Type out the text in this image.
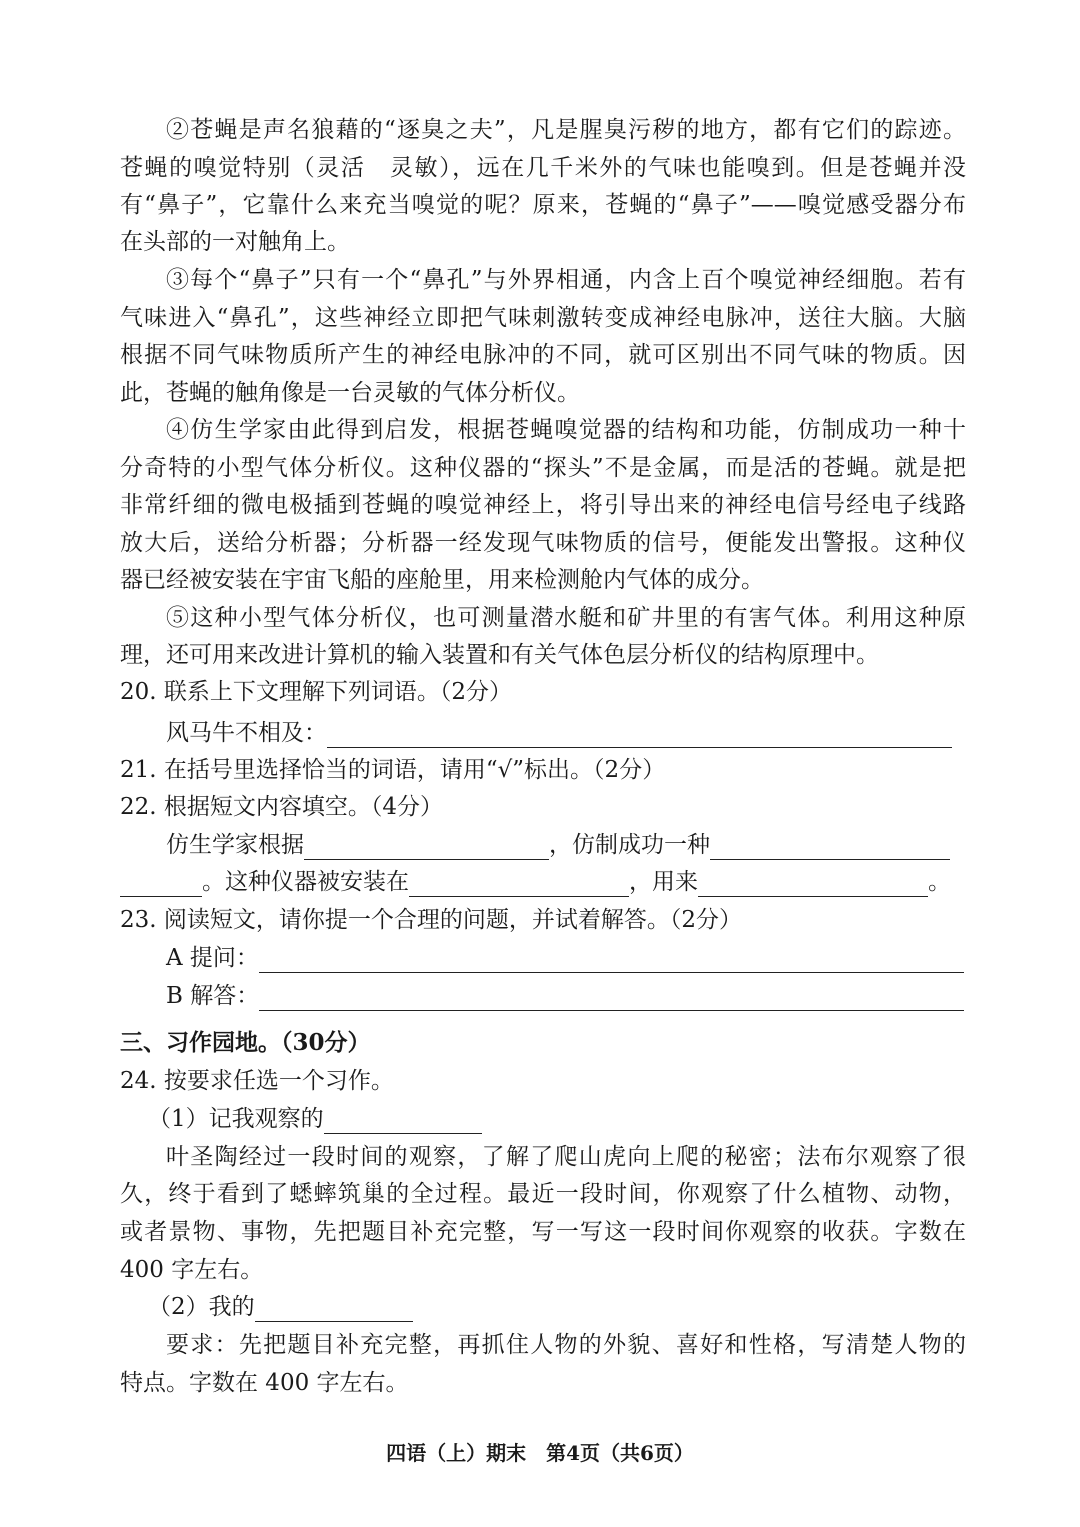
②苍蝇是声名狼藉的“逐臭之夫”，凡是腥臭污秽的地方，都有它们的踪迹。
苍蝇的嗅觉特别（灵活　灵敏），远在几千米外的气味也能嗅到。但是苍蝇并没
有“鼻子”，它靠什么来充当嗅觉的呢？原来，苍蝇的“鼻子”——嗅觉感受器分布
在头部的一对触角上。
③每个“鼻子”只有一个“鼻孔”与外界相通，内含上百个嗅觉神经细胞。若有
气味进入“鼻孔”，这些神经立即把气味刺激转变成神经电脉冲，送往大脑。大脑
根据不同气味物质所产生的神经电脉冲的不同，就可区别出不同气味的物质。因
此，苍蝇的触角像是一台灵敏的气体分析仪。
④仿生学家由此得到启发，根据苍蝇嗅觉器的结构和功能，仿制成功一种十
分奇特的小型气体分析仪。这种仪器的“探头”不是金属，而是活的苍蝇。就是把
非常纤细的微电极插到苍蝇的嗅觉神经上，将引导出来的神经电信号经电子线路
放大后，送给分析器；分析器一经发现气味物质的信号，便能发出警报。这种仪
器已经被安装在宇宙飞船的座舱里，用来检测舱内气体的成分。
⑤这种小型气体分析仪，也可测量潜水艇和矿井里的有害气体。利用这种原
理，还可用来改进计算机的输入装置和有关气体色层分析仪的结构原理中。
20. 联系上下文理解下列词语。（2分）
风马牛不相及：
21. 在括号里选择恰当的词语，请用“√”标出。（2分）
22. 根据短文内容填空。（4分）
仿生学家根据	，仿制成功一种
。这种仪器被安装在	，用来	。
23. 阅读短文，请你提一个合理的问题，并试着解答。（2分）
A 提问：
B 解答：
三、习作园地。（30分）
24. 按要求任选一个习作。
（1）记我观察的
叶圣陶经过一段时间的观察，了解了爬山虎向上爬的秘密；法布尔观察了很
久，终于看到了蟋蟀筑巢的全过程。最近一段时间，你观察了什么植物、动物，
或者景物、事物，先把题目补充完整，写一写这一段时间你观察的收获。字数在
400 字左右。
（2）我的
要求：先把题目补充完整，再抓住人物的外貌、喜好和性格，写清楚人物的
特点。字数在 400 字左右。
四语（上）期末　第4页（共6页）
